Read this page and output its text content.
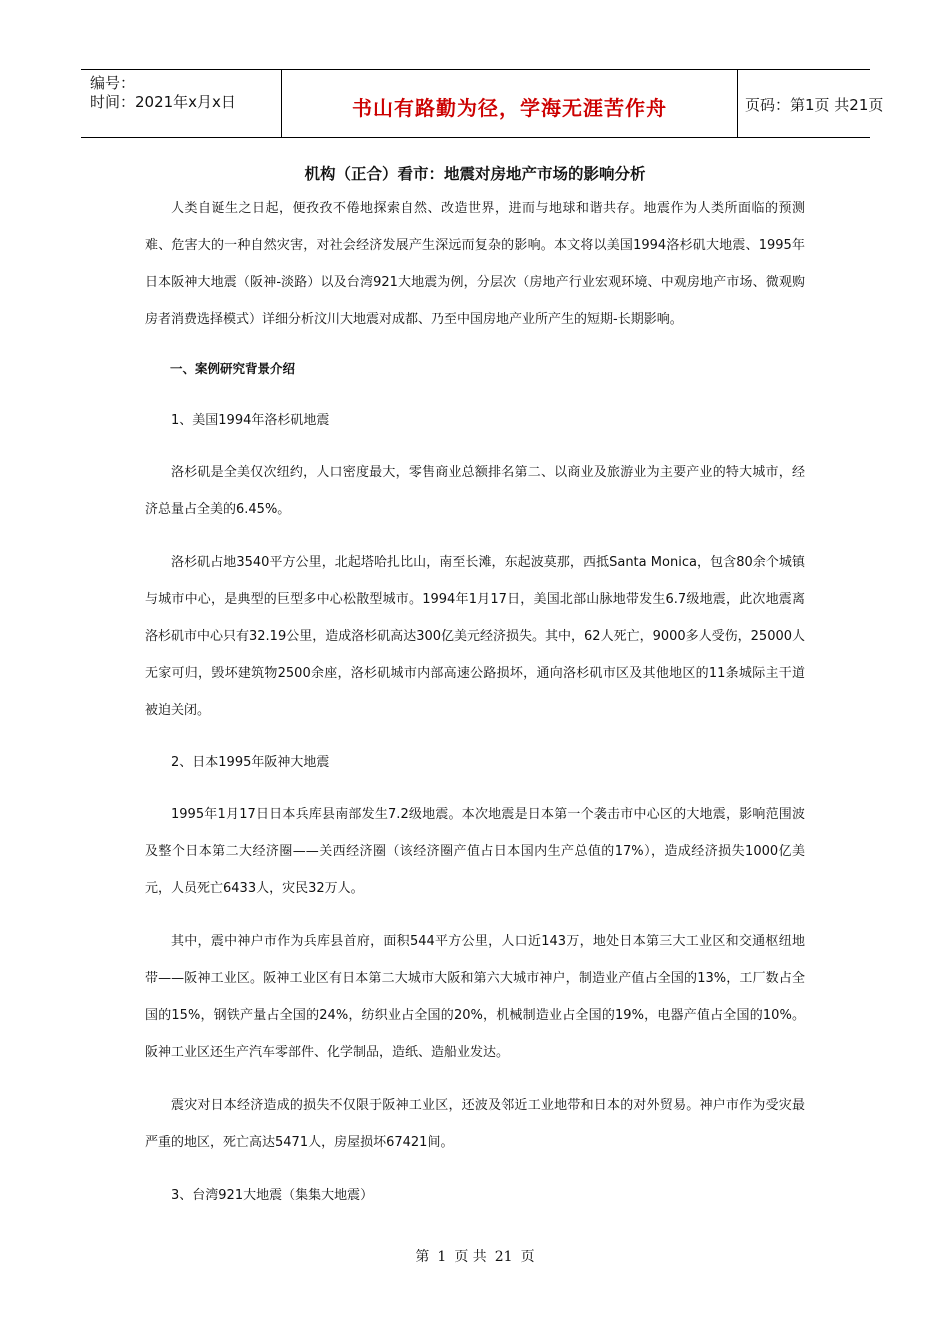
编号：
时间：2021年x月x日	书山有路勤为径，学海无涯苦作舟	页码：第1页 共21页
机构（正合）看市：地震对房地产市场的影响分析
人类自诞生之日起，便孜孜不倦地探索自然、改造世界，进而与地球和谐共存。地震作为人类所面临的预测难、危害大的一种自然灾害，对社会经济发展产生深远而复杂的影响。本文将以美国1994洛杉矶大地震、1995年日本阪神大地震（阪神-淡路）以及台湾921大地震为例，分层次（房地产行业宏观环境、中观房地产市场、微观购房者消费选择模式）详细分析汶川大地震对成都、乃至中国房地产业所产生的短期-长期影响。
一、案例研究背景介绍
1、美国1994年洛杉矶地震
洛杉矶是全美仅次纽约，人口密度最大，零售商业总额排名第二、以商业及旅游业为主要产业的特大城市，经济总量占全美的6.45%。
洛杉矶占地3540平方公里，北起塔哈扎比山，南至长滩，东起波莫那，西抵Santa Monica，包含80余个城镇与城市中心，是典型的巨型多中心松散型城市。1994年1月17日，美国北部山脉地带发生6.7级地震，此次地震离洛杉矶市中心只有32.19公里，造成洛杉矶高达300亿美元经济损失。其中，62人死亡，9000多人受伤，25000人无家可归，毁坏建筑物2500余座，洛杉矶城市内部高速公路损坏，通向洛杉矶市区及其他地区的11条城际主干道被迫关闭。
2、日本1995年阪神大地震
1995年1月17日日本兵库县南部发生7.2级地震。本次地震是日本第一个袭击市中心区的大地震，影响范围波及整个日本第二大经济圈——关西经济圈（该经济圈产值占日本国内生产总值的17%），造成经济损失1000亿美元，人员死亡6433人，灾民32万人。
其中，震中神户市作为兵库县首府，面积544平方公里，人口近143万，地处日本第三大工业区和交通枢纽地带——阪神工业区。阪神工业区有日本第二大城市大阪和第六大城市神户，制造业产值占全国的13%，工厂数占全国的15%，钢铁产量占全国的24%，纺织业占全国的20%，机械制造业占全国的19%，电器产值占全国的10%。阪神工业区还生产汽车零部件、化学制品，造纸、造船业发达。
震灾对日本经济造成的损失不仅限于阪神工业区，还波及邻近工业地带和日本的对外贸易。神户市作为受灾最严重的地区，死亡高达5471人，房屋损坏67421间。
3、台湾921大地震（集集大地震）
第 1 页 共 21 页
